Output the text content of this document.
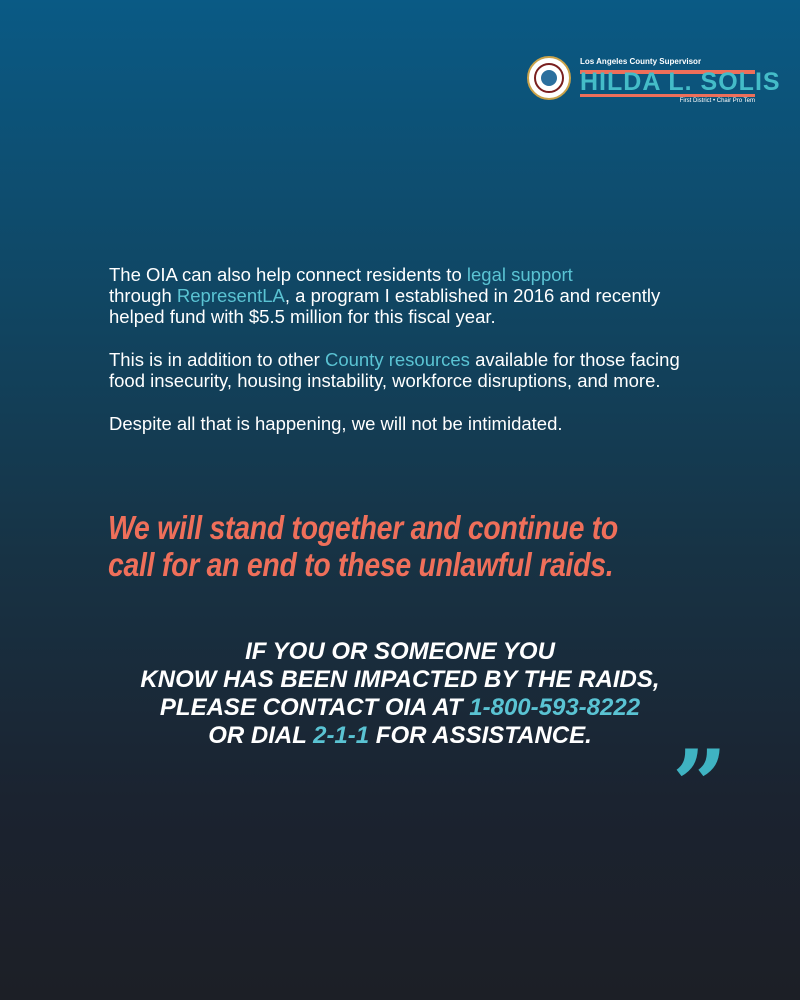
Los Angeles County Supervisor
HILDA L. SOLIS
First District • Chair Pro Tem

The OIA can also help connect residents to legal support
through RepresentLA, a program I established in 2016 and recently helped fund with $5.5 million for this fiscal year.

This is in addition to other County resources available for those facing food insecurity, housing instability, workforce disruptions, and more.

Despite all that is happening, we will not be intimidated.

We will stand together and continue to
call for an end to these unlawful raids.
IF YOU OR SOMEONE YOU
KNOW HAS BEEN IMPACTED BY THE RAIDS,
PLEASE CONTACT OIA AT 1-800-593-8222
OR DIAL 2-1-1 FOR ASSISTANCE. ”
